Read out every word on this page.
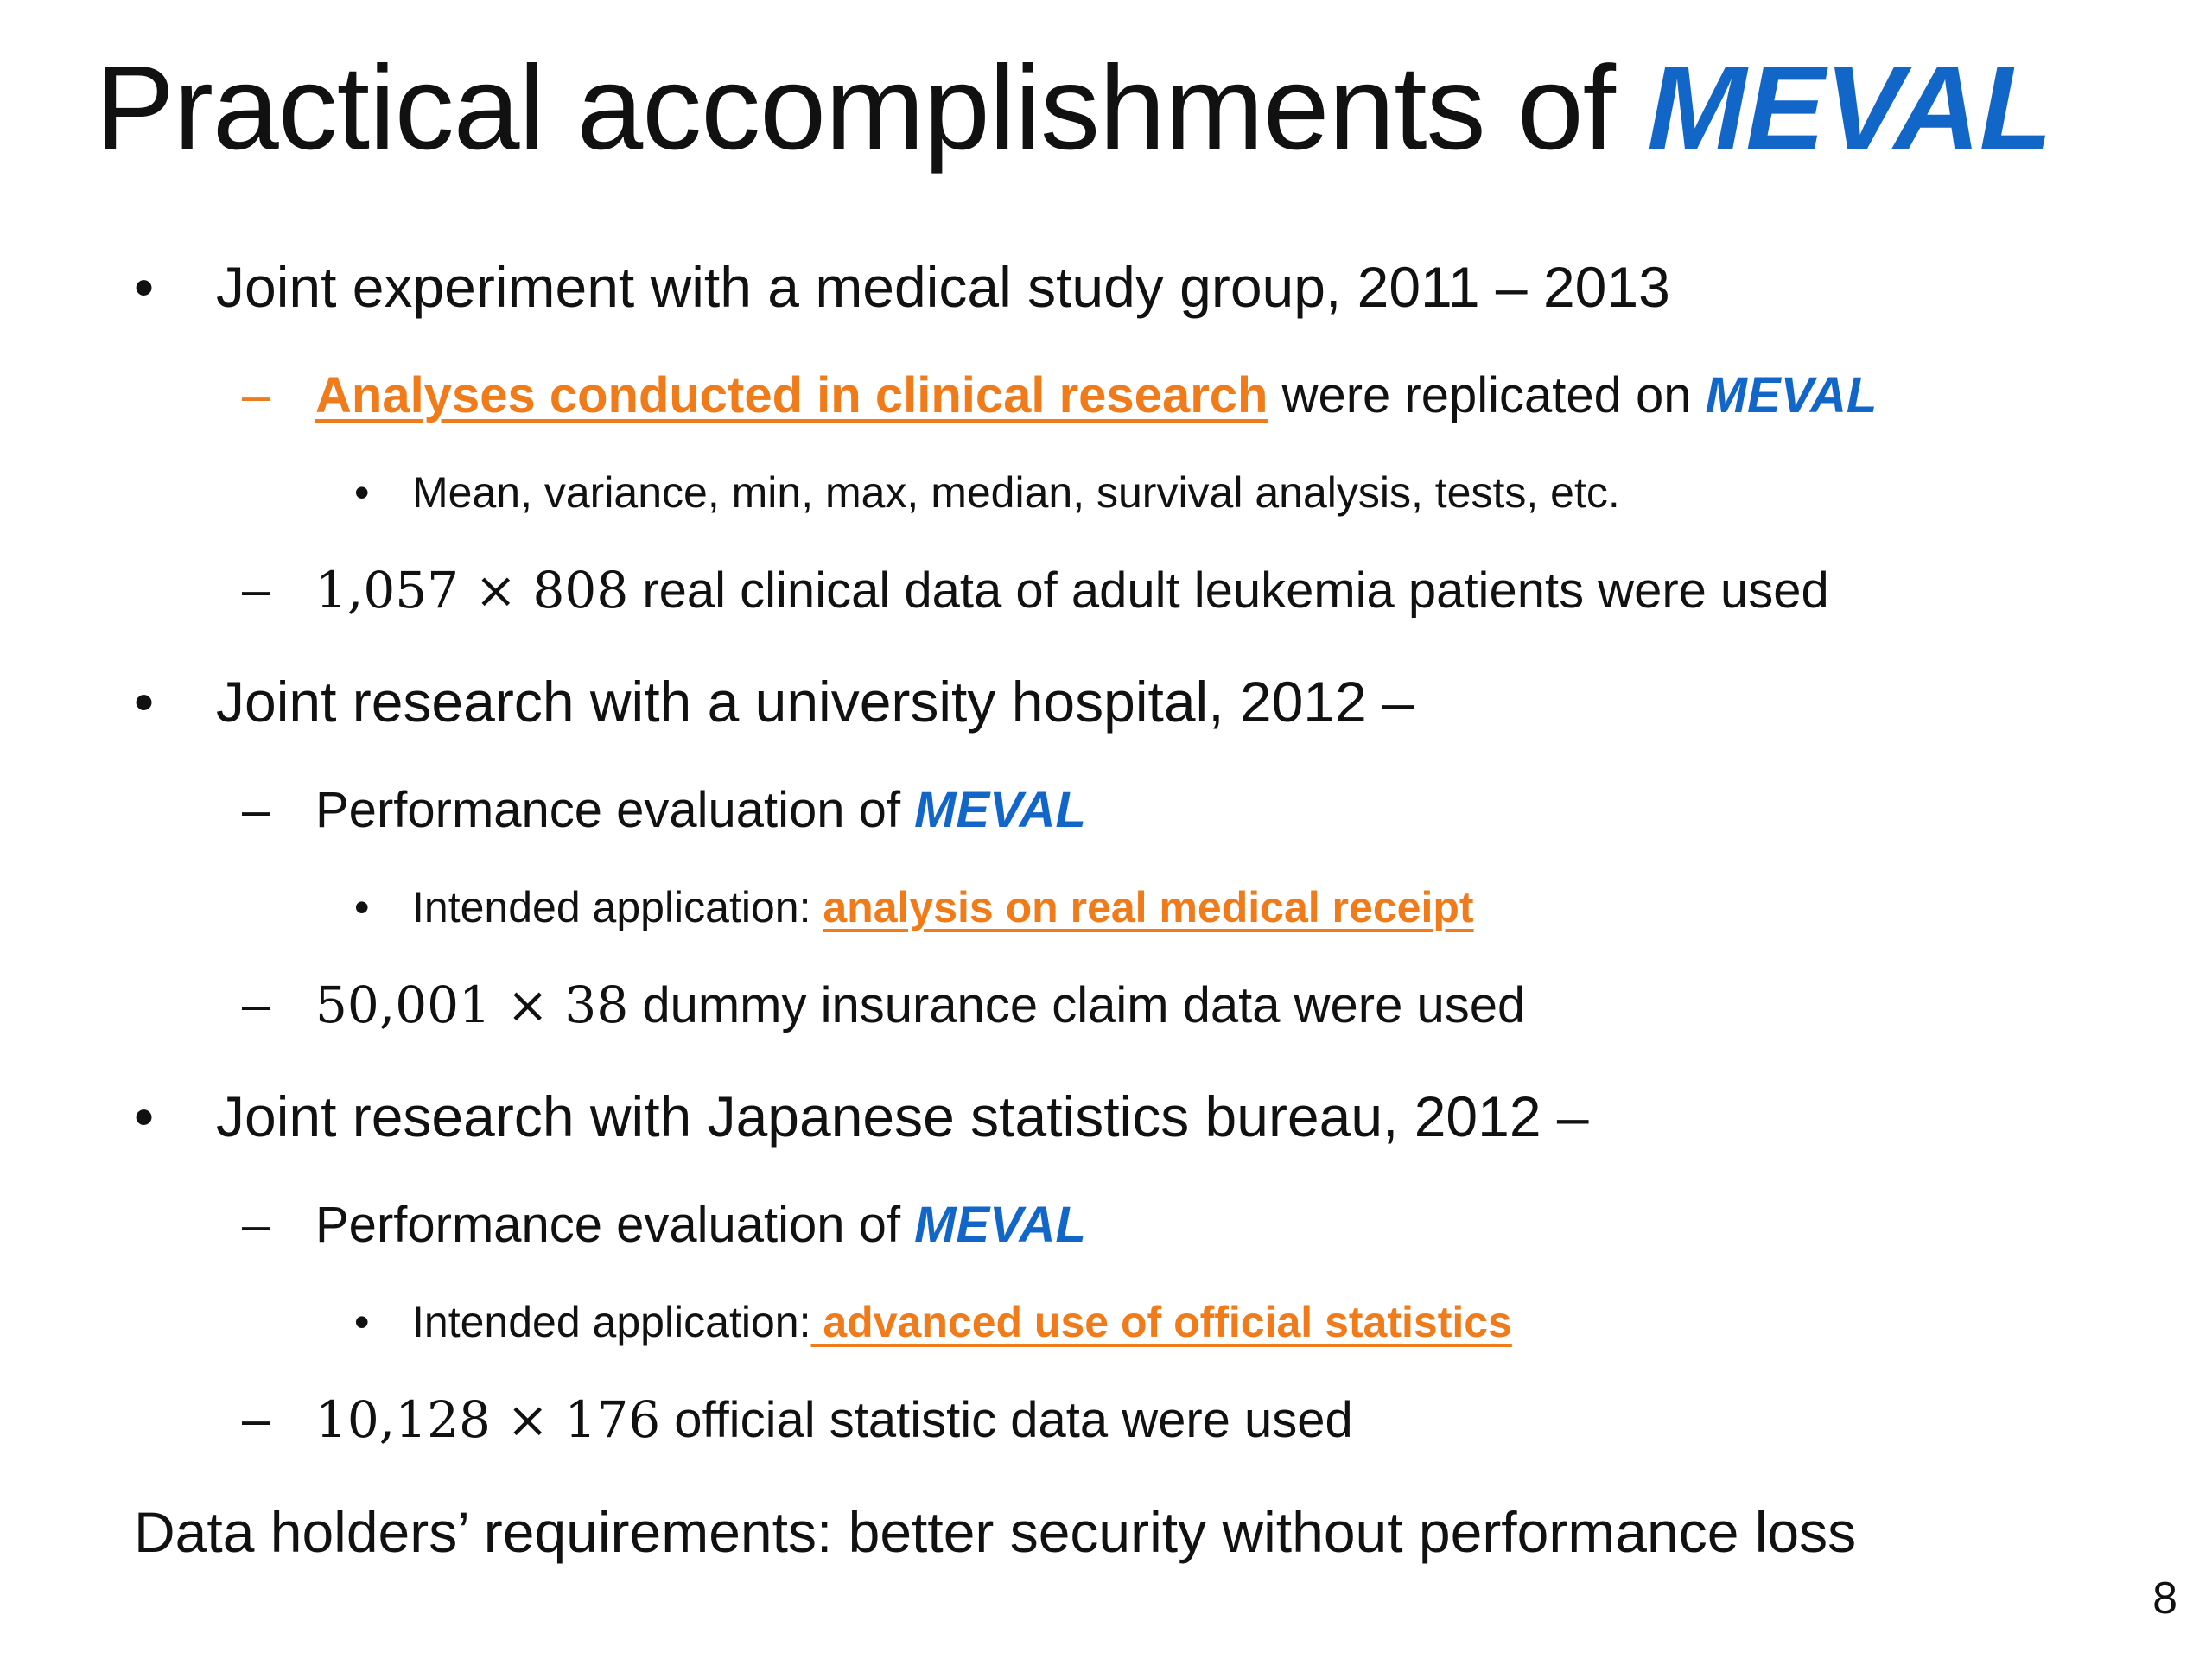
Practical accomplishments of MEVAL
• Joint experiment with a medical study group, 2011 – 2013
– Analyses conducted in clinical research were replicated on MEVAL
• Mean, variance, min, max, median, survival analysis, tests, etc.
– 1,057 × 808 real clinical data of adult leukemia patients were used
• Joint research with a university hospital, 2012 –
– Performance evaluation of MEVAL
• Intended application: analysis on real medical receipt
– 50,001 × 38 dummy insurance claim data were used
• Joint research with Japanese statistics bureau, 2012 –
– Performance evaluation of MEVAL
• Intended application: advanced use of official statistics
– 10,128 × 176 official statistic data were used
Data holders’ requirements: better security without performance loss
8
